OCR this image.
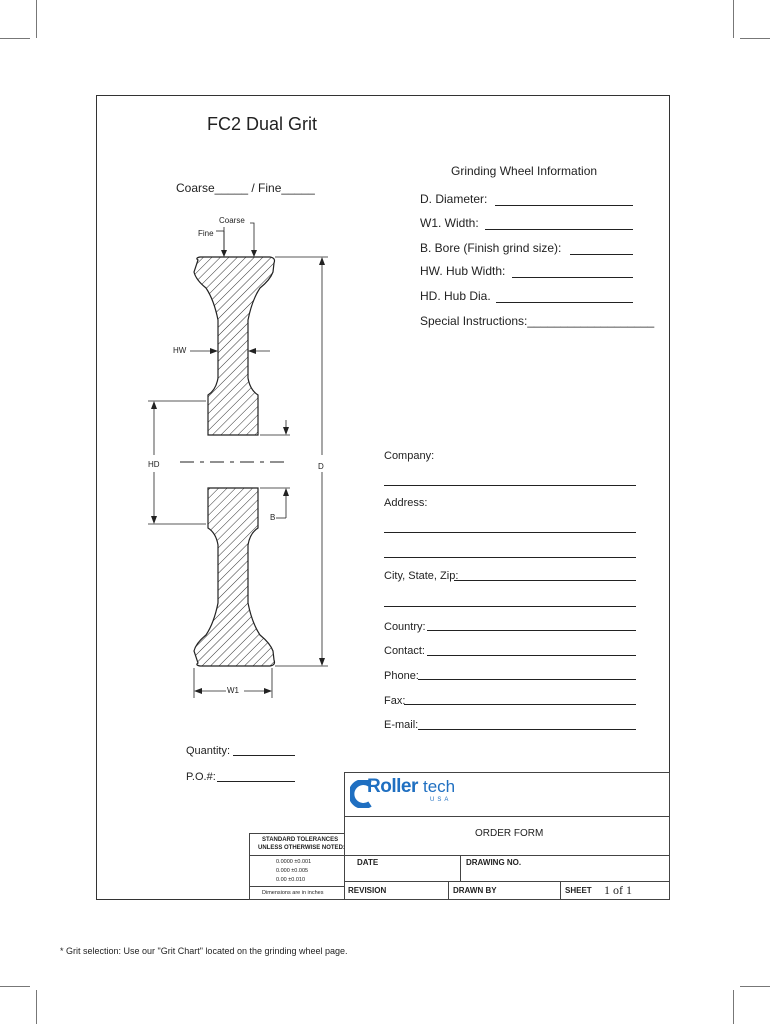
FC2 Dual Grit
Coarse_____ / Fine_____
Coarse
Fine
HW
HD	D
B
W1
Grinding Wheel Information
D. Diameter:
W1. Width:
B. Bore (Finish grind size):
HW. Hub Width:
HD. Hub Dia.
Special Instructions:___________________
Company:
Address:
City, State, Zip:
Country:
Contact:
Phone:
Fax:
E-mail:
Quantity:
P.O.#:	Roller tech
USA
ORDER FORM
STANDARD TOLERANCES
UNLESS OTHERWISE NOTED:
0.0000 ±0.001
0.000 ±0.005
0.00 ±0.010
Dimensions are in inches
DATE	DRAWING NO.
REVISION	DRAWN BY	SHEET 1 of 1
* Grit selection: Use our "Grit Chart" located on the grinding wheel page.
